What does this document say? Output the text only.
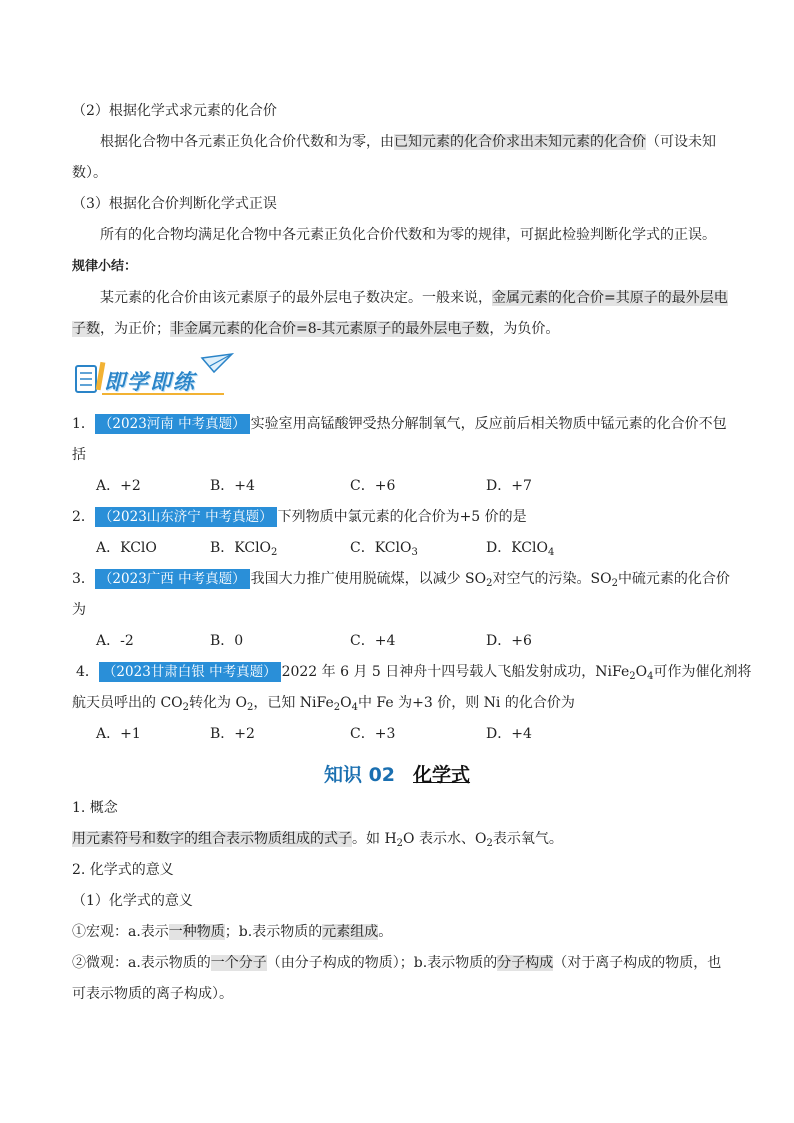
（2）根据化学式求元素的化合价
根据化合物中各元素正负化合价代数和为零，由已知元素的化合价求出未知元素的化合价（可设未知
数）。
（3）根据化合价判断化学式正误
所有的化合物均满足化合物中各元素正负化合价代数和为零的规律，可据此检验判断化学式的正误。
规律小结：
某元素的化合价由该元素原子的最外层电子数决定。一般来说，金属元素的化合价=其原子的最外层电
子数，为正价；非金属元素的化合价=8-其元素原子的最外层电子数，为负价。
即学即练
1． （2023河南 中考真题） 实验室用高锰酸钾受热分解制氧气，反应前后相关物质中锰元素的化合价不包
括
A．+2	B．+4	C．+6	D．+7
2． （2023山东济宁 中考真题） 下列物质中氯元素的化合价为+5 价的是
A．KClO	B．KClO$_2$	C．KClO$_3$	D．KClO$_4$
3． （2023广西 中考真题） 我国大力推广使用脱硫煤，以减少 $SO_2$对空气的污染。$SO_2$中硫元素的化合价
为
A．-2	B．0	C．+4	D．+6
4． （2023甘肃白银 中考真题） 2022 年 6 月 5 日神舟十四号载人飞船发射成功，$NiFe_2O_4$可作为催化剂将
航天员呼出的 $CO_2$转化为 $O_2$，已知 $NiFe_2O_4$中 Fe 为+3 价，则 Ni 的化合价为
A．+1	B．+2	C．+3	D．+4
知识 02 化学式
1. 概念
用元素符号和数字的组合表示物质组成的式子。如 $H_2O$ 表示水、$O_2$表示氧气。
2. 化学式的意义
（1）化学式的意义
①宏观：a.表示一种物质；b.表示物质的元素组成。
②微观：a.表示物质的一个分子（由分子构成的物质）；b.表示物质的分子构成（对于离子构成的物质，也
可表示物质的离子构成）。
